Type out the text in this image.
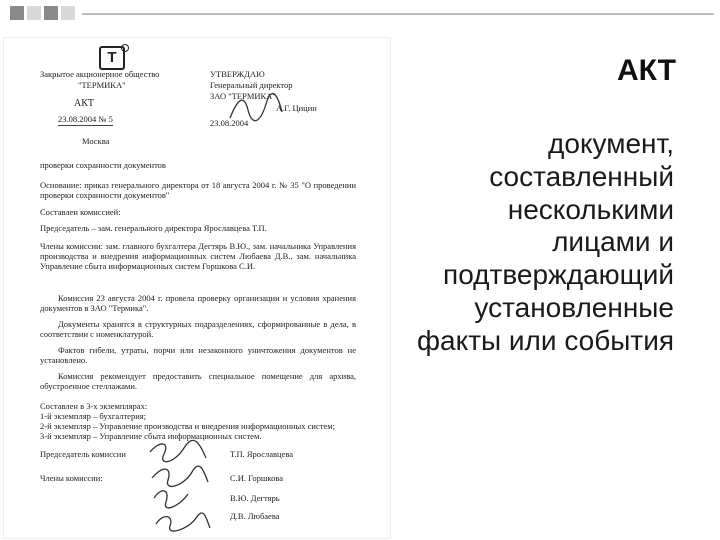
T
Закрытое акционерное общество
"ТЕРМИКА"
АКТ
23.08.2004 № 5
Москва
УТВЕРЖДАЮ
Генеральный директор
ЗАО "ТЕРМИКА"
А.Г. Цицин
23.08.2004
проверки сохранности документов
Основание: приказ генерального директора от 18 августа 2004 г. № 35 "О проведении проверки сохранности документов"
Составлен комиссией:
Председатель – зам. генерального директора Ярославцева Т.П.
Члены комиссии: зам. главного бухгалтера Дегтярь В.Ю., зам. начальника Управления производства и внедрения информационных систем Любаева Д.В., зам. начальника Управление сбыта информационных систем Горшкова С.И.
Комиссия 23 августа 2004 г. провела проверку организации и условия хранения документов в ЗАО "Термика".
Документы хранятся в структурных подразделениях, сформированные в дела, в соответствии с номенклатурой.
Фактов гибели, утраты, порчи или незаконного уничтожения документов не установлено.
Комиссия рекомендует предоставить специальное помещение для архива, обустроенное стеллажами.
Составлен в 3-х экземплярах:
1-й экземпляр – бухгалтерия;
2-й экземпляр – Управление производства и внедрения информационных систем;
3-й экземпляр – Управление сбыта информационных систем.
Председатель комиссии
Члены комиссии:
Т.П. Ярославцева
С.И. Горшкова
В.Ю. Дегтярь
Д.В. Любаева
АКТ
документ,
составленный
несколькими
лицами и
подтверждающий
установленные
факты или события
